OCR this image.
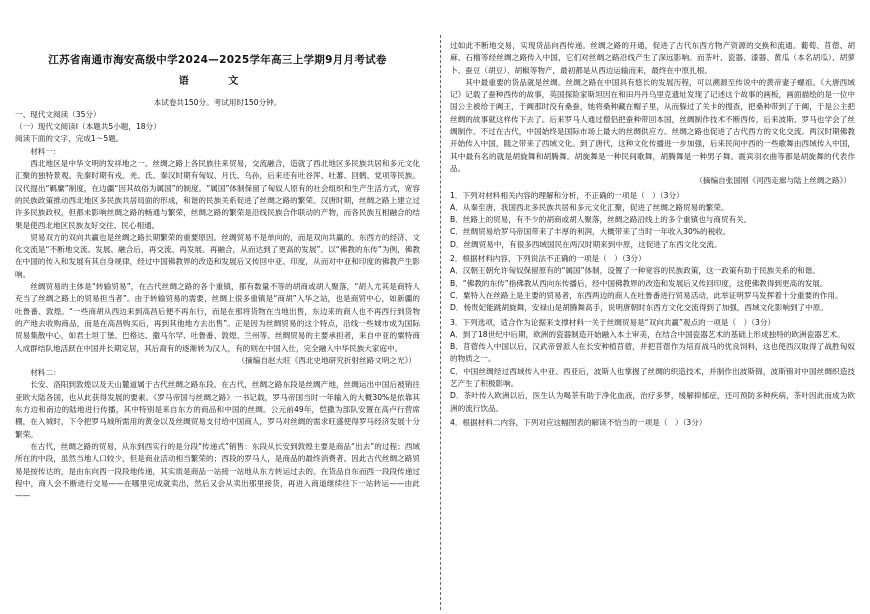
江苏省南通市海安高级中学2024—2025学年高三上学期9月月考试卷
语 文
本试卷共150分。考试用时150分钟。

一、现代文阅读（35分）

（一）现代文阅读Ⅰ（本题共5小题，18分）

阅读下面的文字，完成1～5题。

材料一：

西北地区是中华文明的发祥地之一。丝绸之路上各民族往来贸易，交流融合，造就了西北地区多民族共居和多元文化汇聚的独特景观。先秦时期有戎、羌、氐、秦汉时期有匈奴、月氏、乌孙，后来还有吐谷浑、吐蕃、回鹘、党项等民族。汉代提出“羁縻”制度，在边疆“因其故俗为属国”的制度。“属国”体制保留了匈奴人原有的社会组织和生产生活方式，宽容的民族政策推动西北地区多民族共居局面的形成，和谐的民族关系促进了丝绸之路的繁荣。汉唐时期，丝绸之路上建立过许多民族政权，但都未影响丝绸之路的畅通与繁荣，丝绸之路的繁荣是沿线民族合作联动的产物，而各民族互相融合的结果是使西北地区民族友好交往、民心相通。

贸易双方的双向共赢也是丝绸之路长期繁荣的重要原因。丝绸贸易不是单向的，而是双向共赢的。东西方的经济、文化交流是“不断地交流、发展、融合后，再交流、再发展、再融合，从而达到了更高的发展”。以“佛教的东传”为例，佛教在中国的传入和发展有其自身规律，经过中国佛教界的改造和发展后又传回中亚、印度，从而对中亚和印度的佛教产生影响。

丝绸贸易的主体是“转输贸易”，在古代丝绸之路的各个重镇，都有数量不等的胡商或胡人聚落，“胡人尤其是商特人充当了丝绸之路上的贸易担当者”。由于转输贸易的需要，丝绸上很多重镇是“商胡”入华之站，也是商贸中心，如新疆的吐鲁番、敦煌。“一些商胡从西边来到高昌后便不再东行，而是在那将货物在当地出售，东边来的商人也不再西行到货物的产地去收购商品，而是在高昌购买后，再到其他地方去出售”。正是因为丝绸贸易的这个特点，沿线一些城市成为国际贸易集散中心，如君士坦丁堡、巴格达、撒马尔罕、吐鲁番、敦煌、兰州等。丝绸贸易的主要承担者，来自中亚的粟特商人成群结队地活跃在中国并长期定居，其后裔有的逐渐转为汉人，有的则在中国入仕，完全融入中华民族大家庭中。

（摘编自赵大旺《西北史地研究折射丝路文明之光》）

材料二：

长安、洛阳到敦煌以及天山麓道属于古代丝绸之路东段。在古代，丝绸之路东段是丝绸产地，丝绸运出中国后被销往亚欧大陆各国，也从此获得发展的要素。《罗马帝国与丝绸之路》一书记载，罗马帝国当时一年输入的大概30%是依靠其东方边和南边的陆地进行传播，其中特别是来自东方的商品和中国的丝绸。公元前49年，恺撒为部队安置在高卢行营席棚，在入城时，下令把罗马城所需用的黄金以及丝绸贸易支付给中国商人，罗马对丝绸的需求旺盛使得罗马经济发展十分繁荣。

在古代，丝绸之路的贸易，从东到西实行的是分段“传递式”销售：东段从长安到敦煌主要是商品“出去”的过程；西域所在的中段，虽然当地人口较少，但是商业活动相当繁荣的；西段的罗马人，是商品的最终消费者。因此古代丝绸之路贸易是按传达的，是由东向西一段段地传递，其实质是商品一站接一站地从东方转运过去的。在货品自东而西一段段传递过程中，商人会不断进行交易——在哪里完成就卖出，然后又会从卖出那里接货，再进入商道继续往下一站转运——由此——

过如此不断地交易，实现货品向西传递。丝绸之路的开通，促进了古代东西方物产资源的交换和流通。葡萄、苜蓿、胡麻、石榴等经丝绸之路传入中国，它们对丝绸之路沿线产生了深远影响。而茶叶、瓷器、漆器、黄瓜（本名胡瓜）、胡萝卜、蚕豆（胡豆）、胡椒等物产，最初都是从西边运输而来，最终在中原扎根。

其中最重要的货品就是丝绸。丝绸之路在中国具有悠长的发展历程，可以溯源至传说中的黄帝妻子螺祖。《大唐西域记》记载了蚕种西传的故事，英国探险家斯坦因在和田丹丹乌里克遗址发现了记述这个故事的画板，画面描绘的是一位中国公主被给于阗王，于阗那时没有桑蚕，她将桑种藏在帽子里，从而躲过了关卡的搜查，把桑种带到了于阗，于是公主把丝绸的故事就这样传下去了。后来罗马人通过僧侣把蚕种带回本国，丝绸制作技术不断西传，后来波斯、罗马也学会了丝绸制作。不过在古代，中国始终是国际市场上最大的丝绸供应方。丝绸之路也促进了古代西方的文化交流。两汉时期佛教开始传入中国，随之带来了西域文化。到了唐代，这种文化传播进一步加强，后来民间中西的一些歌舞由西域传入中国，其中最有名的就是胡旋舞和胡腾舞。胡旋舞是一种民间歌舞，胡腾舞是一种男子舞。震宾羽衣曲等都是胡旋舞的代表作品。

（摘编自张国刚《河西走廊与陆上丝绸之路》）

1．下列对材料相关内容的理解和分析，不正确的一项是（　）（3分）

A．从秦至唐，我国西北多民族共居和多元文化汇聚，促进了丝绸之路贸易的繁荣。

B．丝路上的贸易，有不少的胡商或胡人聚落，丝绸之路沿线上的多个重镇也与商贸有关。

C．丝绸贸易给罗马帝国带来了丰厚的利润，大概带来了当时一年收入30%的税收。

D．丝绸贸易中，有很多西域国民在两汉时期来到中原，这促进了东西文化交流。

2．根据材料内容，下列说法不正确的一项是（　）（3分）

A．汉朝王朝允许匈奴保留原有的“属国”体制，设置了一种宽容的民族政策，这一政策有助于民族关系的和谐。

B．“佛教的东传”指佛教从西向东传播后，经中国佛教界的改造和发展后又传回印度，这使佛教得到更高的发展。

C．粟特人在丝路上是主要的贸易者，东西两边的商人在吐鲁番进行贸易活动，此举证明罗马发挥着十分重要的作用。

D．杨贵妃能跳胡旋舞，安禄山是胡腾舞高手，说明唐朝时东西方文化交流得到了加强，西域文化影响到了中原。

3．下列选项，适合作为论据来支撑材料一关于丝绸贸易是“双向共赢”观点的一项是（　）（3分）

A．到了18世纪中后期，欧洲的瓷器制造开始融入本土审美，在结合中国瓷器艺术的基础上形成独特的欧洲瓷器艺术。

B．苜蓿传入中国以后，汉武帝曾派人在长安种植苜蓿，并把苜蓿作为培育战马的优良饲料，这也使西汉取得了战胜匈奴的物质之一。

C．中国丝绸经过西域传入中亚、西亚后，波斯人也掌握了丝绸的织造技术，并制作出波斯锦，波斯锦对中国丝绸织造技艺产生了积极影响。

D．茶叶传入欧洲以后，医生认为喝茶有助于净化血液，治疗多梦，缓解抑郁症，还可预防多种疾病，茶叶因此而成为欧洲的流行饮品。

4．根据材料二内容，下列对应这幅图表的解读不恰当的一项是（　）（3分）
